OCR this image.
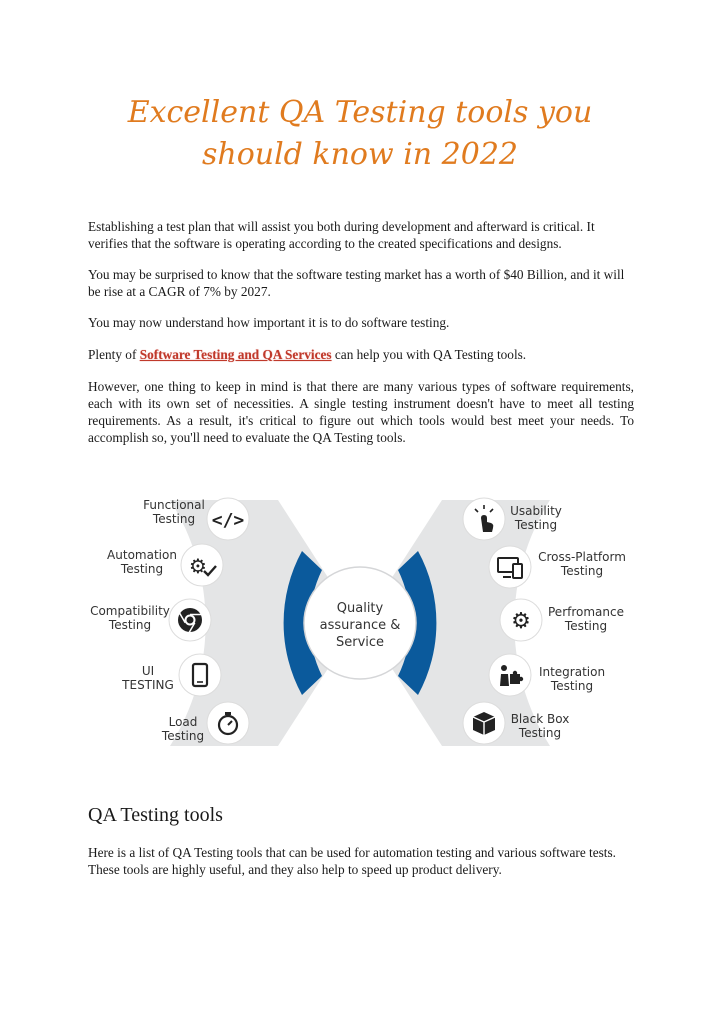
Excellent QA Testing tools you should know in 2022

Establishing a test plan that will assist you both during development and afterward is critical. It verifies that the software is operating according to the created specifications and designs.

You may be surprised to know that the software testing market has a worth of $40 Billion, and it will be rise at a CAGR of 7% by 2027.

You may now understand how important it is to do software testing.

Plenty of Software Testing and QA Services can help you with QA Testing tools.

However, one thing to keep in mind is that there are many various types of software requirements, each with its own set of necessities. A single testing instrument doesn't have to meet all testing requirements. As a result, it's critical to figure out which tools would best meet your needs. To accomplish so, you'll need to evaluate the QA Testing tools.

</>
⚙
⚙
Quality
assurance &
Service
Functional
Testing
Automation
Testing
Compatibility
Testing
UI
TESTING
Load
Testing
Usability
Testing
Cross-Platform
Testing
Perfromance
Testing
Integration
Testing
Black Box
Testing
QA Testing tools

Here is a list of QA Testing tools that can be used for automation testing and various software tests. These tools are highly useful, and they also help to speed up product delivery.
